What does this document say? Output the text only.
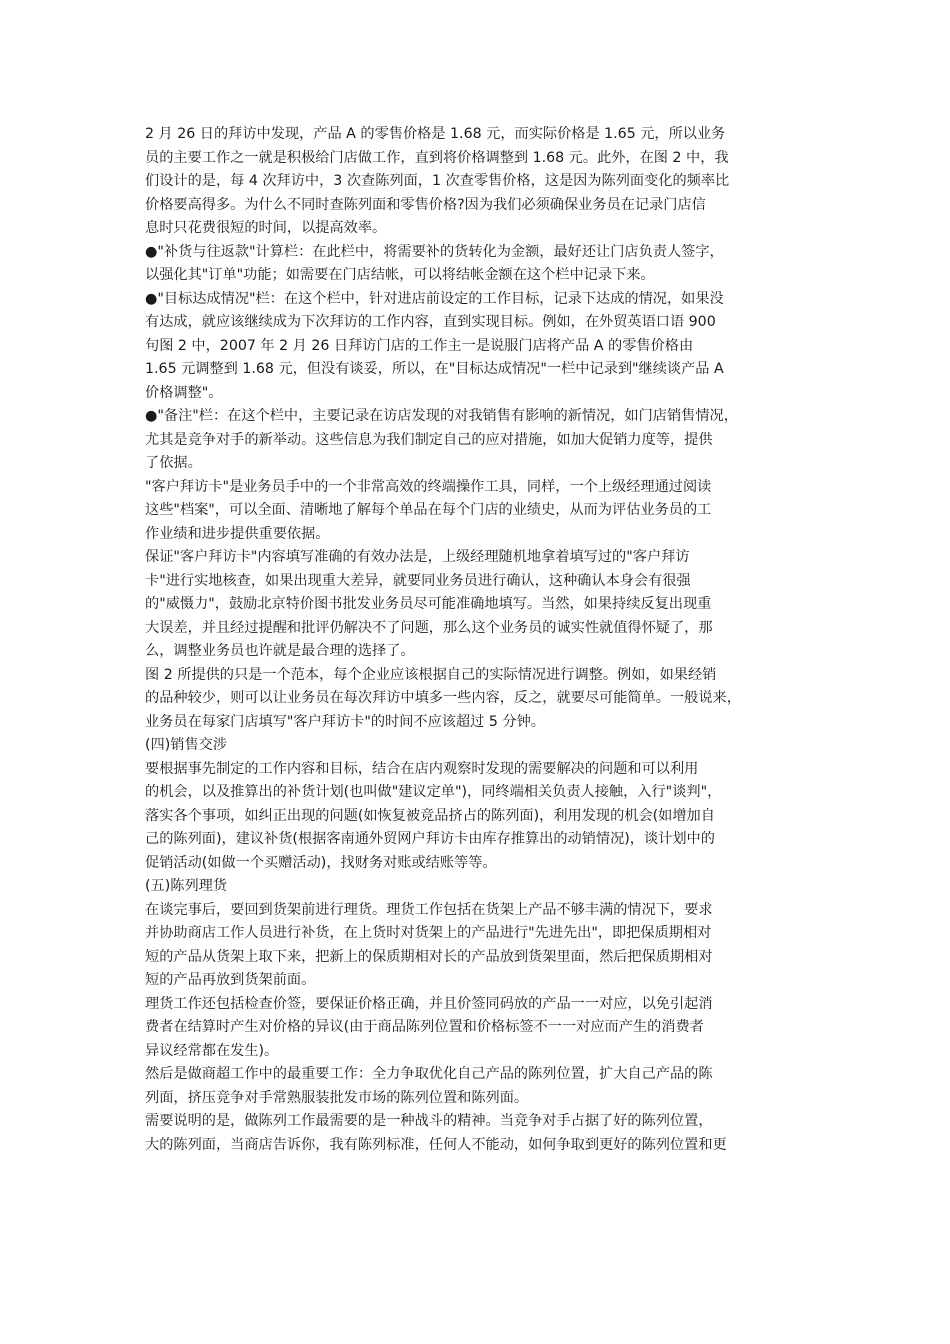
2 月 26 日的拜访中发现，产品 A 的零售价格是 1.68 元，而实际价格是 1.65 元，所以业务
员的主要工作之一就是积极给门店做工作，直到将价格调整到 1.68 元。此外，在图 2 中，我
们设计的是，每 4 次拜访中，3 次查陈列面，1 次查零售价格，这是因为陈列面变化的频率比
价格要高得多。为什么不同时查陈列面和零售价格?因为我们必须确保业务员在记录门店信
息时只花费很短的时间，以提高效率。
●"补货与往返款"计算栏：在此栏中，将需要补的货转化为金额，最好还让门店负责人签字，
以强化其"订单"功能；如需要在门店结帐，可以将结帐金额在这个栏中记录下来。
●"目标达成情况"栏：在这个栏中，针对进店前设定的工作目标，记录下达成的情况，如果没
有达成，就应该继续成为下次拜访的工作内容，直到实现目标。例如，在外贸英语口语 900
句图 2 中，2007 年 2 月 26 日拜访门店的工作主一是说服门店将产品 A 的零售价格由
1.65 元调整到 1.68 元，但没有谈妥，所以，在"目标达成情况"一栏中记录到"继续谈产品 A
价格调整"。
●"备注"栏：在这个栏中，主要记录在访店发现的对我销售有影响的新情况，如门店销售情况，
尤其是竞争对手的新举动。这些信息为我们制定自己的应对措施，如加大促销力度等，提供
了依据。
"客户拜访卡"是业务员手中的一个非常高效的终端操作工具，同样，一个上级经理通过阅读
这些"档案"，可以全面、清晰地了解每个单品在每个门店的业绩史，从而为评估业务员的工
作业绩和进步提供重要依据。
保证"客户拜访卡"内容填写准确的有效办法是，上级经理随机地拿着填写过的"客户拜访
卡"进行实地核查，如果出现重大差异，就要同业务员进行确认，这种确认本身会有很强
的"威慑力"，鼓励北京特价图书批发业务员尽可能准确地填写。当然，如果持续反复出现重
大误差，并且经过提醒和批评仍解决不了问题，那么这个业务员的诚实性就值得怀疑了，那
么，调整业务员也许就是最合理的选择了。
图 2 所提供的只是一个范本，每个企业应该根据自己的实际情况进行调整。例如，如果经销
的品种较少，则可以让业务员在每次拜访中填多一些内容，反之，就要尽可能简单。一般说来，
业务员在每家门店填写"客户拜访卡"的时间不应该超过 5 分钟。
(四)销售交涉
要根据事先制定的工作内容和目标，结合在店内观察时发现的需要解决的问题和可以利用
的机会，以及推算出的补货计划(也叫做"建议定单")，同终端相关负责人接触，入行"谈判"，
落实各个事项，如纠正出现的问题(如恢复被竞品挤占的陈列面)，利用发现的机会(如增加自
己的陈列面)，建议补货(根据客南通外贸网户拜访卡由库存推算出的动销情况)，谈计划中的
促销活动(如做一个买赠活动)，找财务对账或结账等等。
(五)陈列理货
在谈完事后，要回到货架前进行理货。理货工作包括在货架上产品不够丰满的情况下，要求
并协助商店工作人员进行补货，在上货时对货架上的产品进行"先进先出"，即把保质期相对
短的产品从货架上取下来，把新上的保质期相对长的产品放到货架里面，然后把保质期相对
短的产品再放到货架前面。
理货工作还包括检查价签，要保证价格正确，并且价签同码放的产品一一对应，以免引起消
费者在结算时产生对价格的异议(由于商品陈列位置和价格标签不一一对应而产生的消费者
异议经常都在发生)。
然后是做商超工作中的最重要工作：全力争取优化自己产品的陈列位置，扩大自己产品的陈
列面，挤压竞争对手常熟服装批发市场的陈列位置和陈列面。
需要说明的是，做陈列工作最需要的是一种战斗的精神。当竞争对手占据了好的陈列位置，
大的陈列面，当商店告诉你，我有陈列标准，任何人不能动，如何争取到更好的陈列位置和更
